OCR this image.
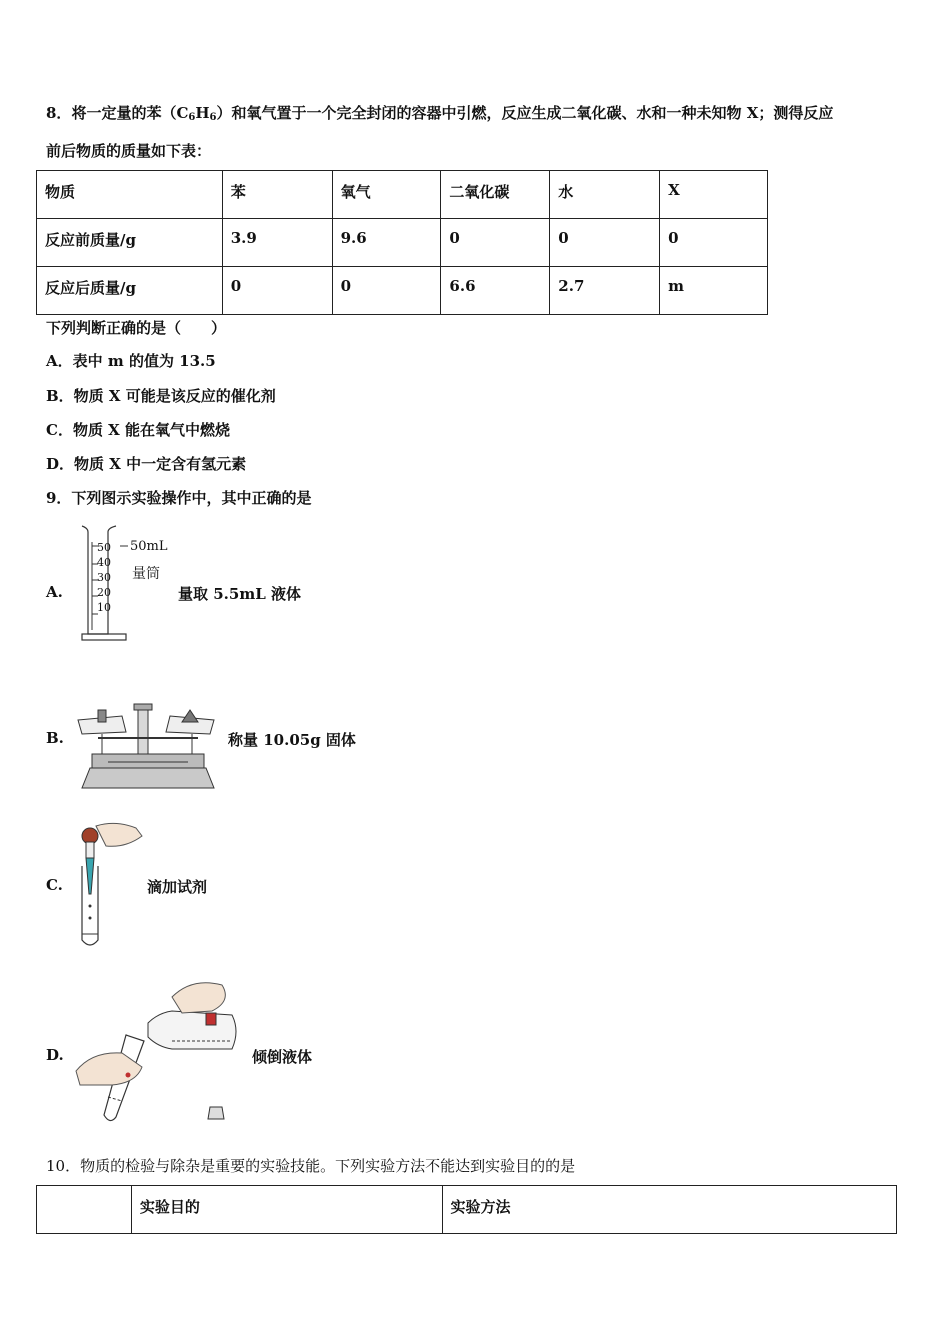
8．将一定量的苯$(C_6H_6)$和氧气置于一个完全封闭的容器中引燃，反应生成二氧化碳、水和一种未知物 X；测得反应
前后物质的质量如下表：
物质	苯	氧气	二氧化碳	水	X
反应前质量/g	3.9	9.6	0	0	0
反应后质量/g	0	0	6.6	2.7	m
下列判断正确的是（　　）
A．表中 m 的值为 13.5
B．物质 X 可能是该反应的催化剂
C．物质 X 能在氧气中燃烧
D．物质 X 中一定含有氢元素
9．下列图示实验操作中，其中正确的是
A.
50
40
30
20
10
50mL
量筒
量取 5.5mL 液体
B.	称量 10.05g 固体
C.	滴加试剂
D.	倾倒液体
10．物质的检验与除杂是重要的实验技能。下列实验方法不能达到实验目的的是
	实验目的	实验方法
